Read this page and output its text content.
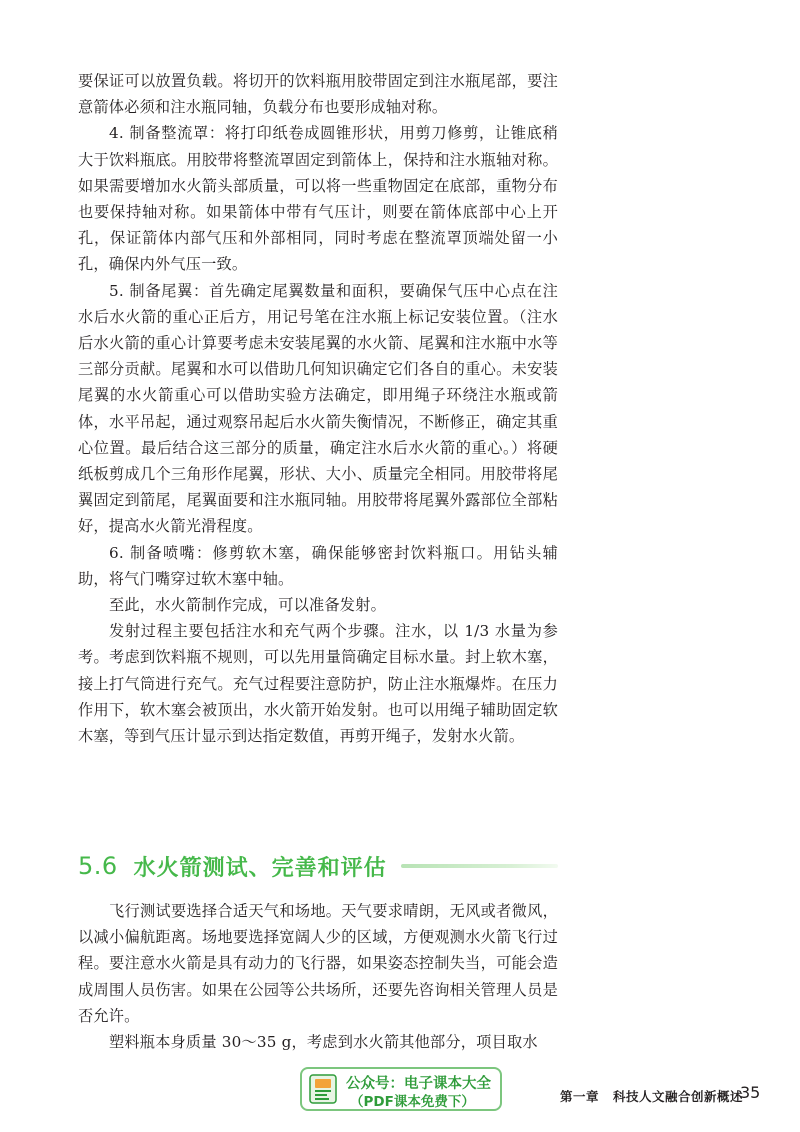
要保证可以放置负载。将切开的饮料瓶用胶带固定到注水瓶尾部，要注意箭体必须和注水瓶同轴，负载分布也要形成轴对称。

4. 制备整流罩：将打印纸卷成圆锥形状，用剪刀修剪，让锥底稍大于饮料瓶底。用胶带将整流罩固定到箭体上，保持和注水瓶轴对称。如果需要增加水火箭头部质量，可以将一些重物固定在底部，重物分布也要保持轴对称。如果箭体中带有气压计，则要在箭体底部中心上开孔，保证箭体内部气压和外部相同，同时考虑在整流罩顶端处留一小孔，确保内外气压一致。

5. 制备尾翼：首先确定尾翼数量和面积，要确保气压中心点在注水后水火箭的重心正后方，用记号笔在注水瓶上标记安装位置。（注水后水火箭的重心计算要考虑未安装尾翼的水火箭、尾翼和注水瓶中水等三部分贡献。尾翼和水可以借助几何知识确定它们各自的重心。未安装尾翼的水火箭重心可以借助实验方法确定，即用绳子环绕注水瓶或箭体，水平吊起，通过观察吊起后水火箭失衡情况，不断修正，确定其重心位置。最后结合这三部分的质量，确定注水后水火箭的重心。）将硬纸板剪成几个三角形作尾翼，形状、大小、质量完全相同。用胶带将尾翼固定到箭尾，尾翼面要和注水瓶同轴。用胶带将尾翼外露部位全部粘好，提高水火箭光滑程度。

6. 制备喷嘴：修剪软木塞，确保能够密封饮料瓶口。用钻头辅助，将气门嘴穿过软木塞中轴。

至此，水火箭制作完成，可以准备发射。

发射过程主要包括注水和充气两个步骤。注水，以 1/3 水量为参考。考虑到饮料瓶不规则，可以先用量筒确定目标水量。封上软木塞，接上打气筒进行充气。充气过程要注意防护，防止注水瓶爆炸。在压力作用下，软木塞会被顶出，水火箭开始发射。也可以用绳子辅助固定软木塞，等到气压计显示到达指定数值，再剪开绳子，发射水火箭。

5.6 水火箭测试、完善和评估

飞行测试要选择合适天气和场地。天气要求晴朗，无风或者微风，以减小偏航距离。场地要选择宽阔人少的区域，方便观测水火箭飞行过程。要注意水火箭是具有动力的飞行器，如果姿态控制失当，可能会造成周围人员伤害。如果在公园等公共场所，还要先咨询相关管理人员是否允许。

塑料瓶本身质量 30～35 g，考虑到水火箭其他部分，项目取水

公众号：电子课本大全
（PDF课本免费下）	第一章 科技人文融合创新概述
35
